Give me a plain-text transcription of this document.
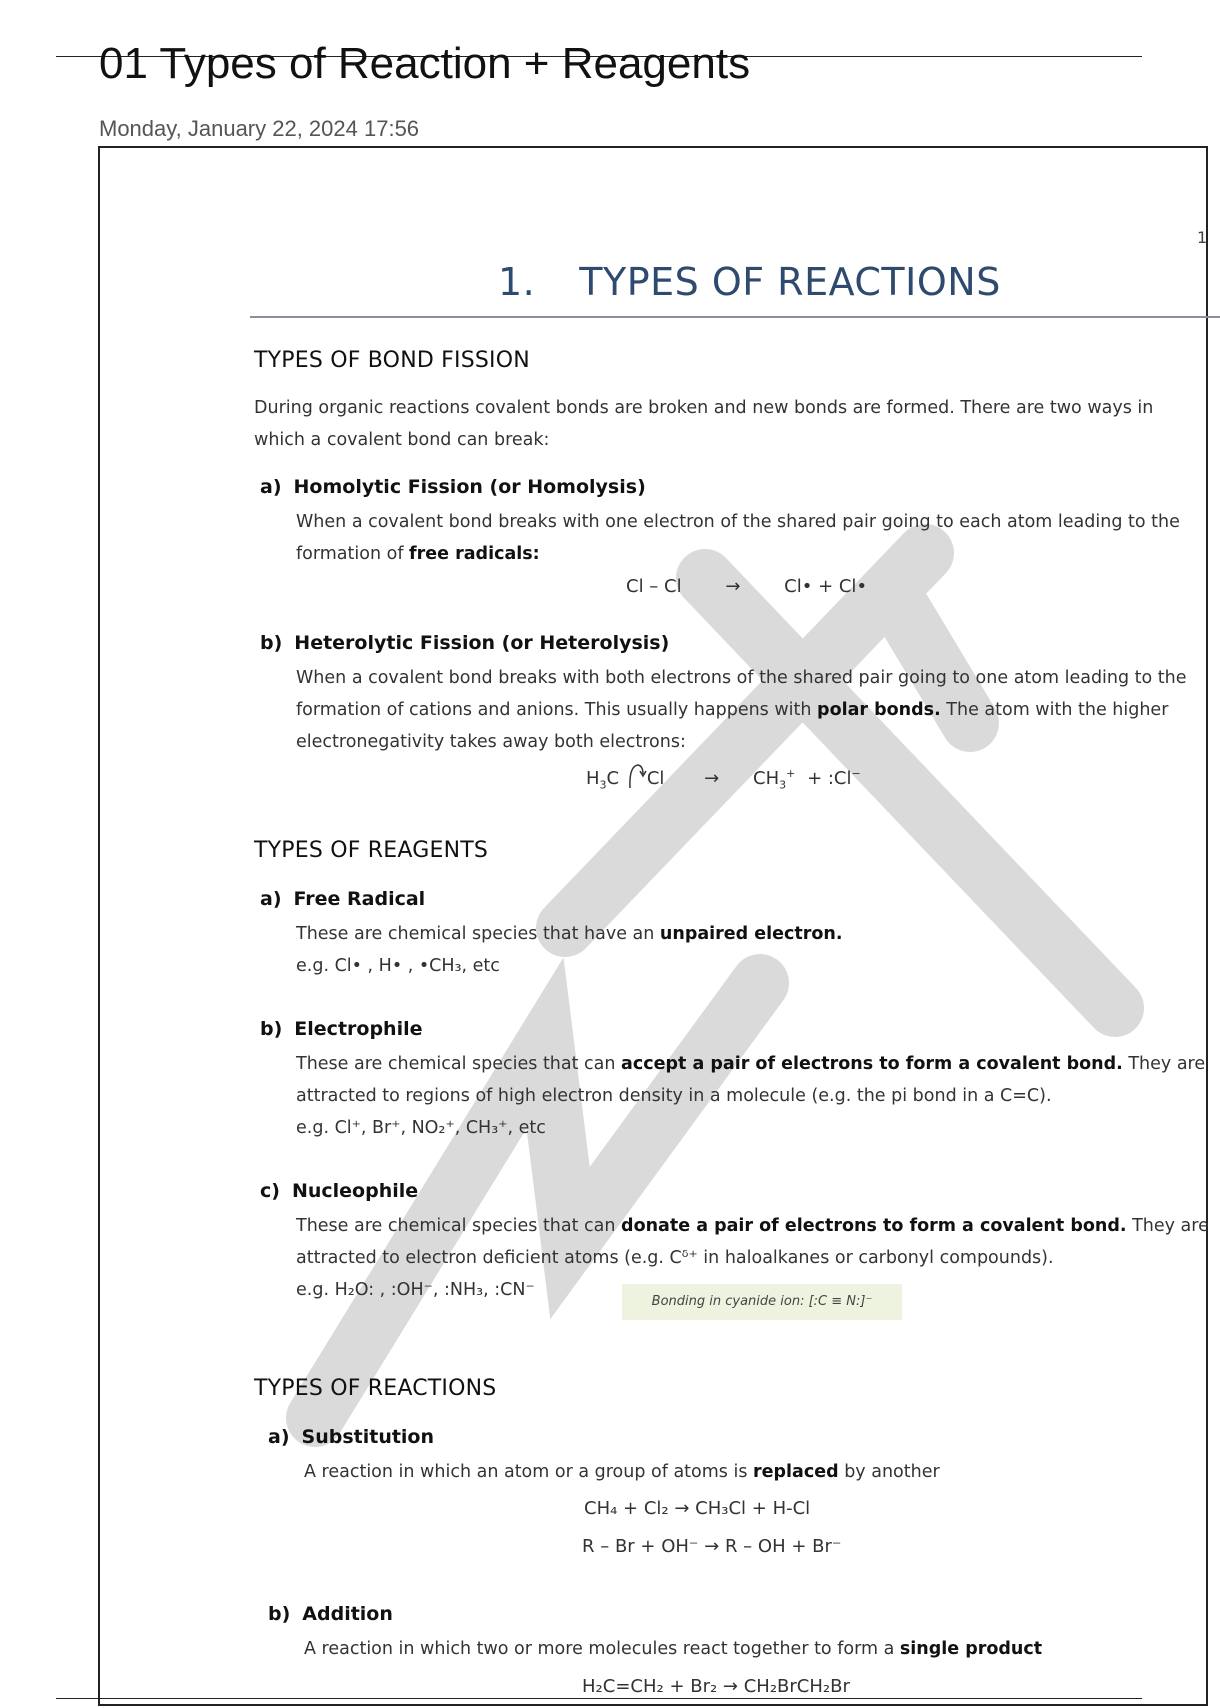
01 Types of Reaction + Reagents
Monday, January 22, 2024 17:56
1
1. TYPES OF REACTIONS
TYPES OF BOND FISSION
During organic reactions covalent bonds are broken and new bonds are formed. There are two ways in
which a covalent bond can break:
a) Homolytic Fission (or Homolysis)
When a covalent bond breaks with one electron of the shared pair going to each atom leading to the
formation of free radicals:
Cl – Cl → Cl• + Cl•
b) Heterolytic Fission (or Heterolysis)
When a covalent bond breaks with both electrons of the shared pair going to one atom leading to the
formation of cations and anions. This usually happens with polar bonds. The atom with the higher
electronegativity takes away both electrons:
$H_3C$ $Cl \to CH_3^+$ + :Cl−
TYPES OF REAGENTS
a) Free Radical
These are chemical species that have an unpaired electron.
e.g. Cl• , H• , •CH₃, etc
b) Electrophile
These are chemical species that can accept a pair of electrons to form a covalent bond. They are
attracted to regions of high electron density in a molecule (e.g. the pi bond in a C=C).
e.g. Cl⁺, Br⁺, NO₂⁺, CH₃⁺, etc
c) Nucleophile
These are chemical species that can donate a pair of electrons to form a covalent bond. They are
attracted to electron deficient atoms (e.g. Cᵟ⁺ in haloalkanes or carbonyl compounds).
e.g. H₂O: , :OH⁻, :NH₃, :CN⁻
Bonding in cyanide ion: [:C ≡ N:]⁻
TYPES OF REACTIONS
a) Substitution
A reaction in which an atom or a group of atoms is replaced by another
CH₄ + Cl₂ → CH₃Cl + H-Cl
R – Br + OH⁻ → R – OH + Br⁻
b) Addition
A reaction in which two or more molecules react together to form a single product
H₂C=CH₂ + Br₂ → CH₂BrCH₂Br
